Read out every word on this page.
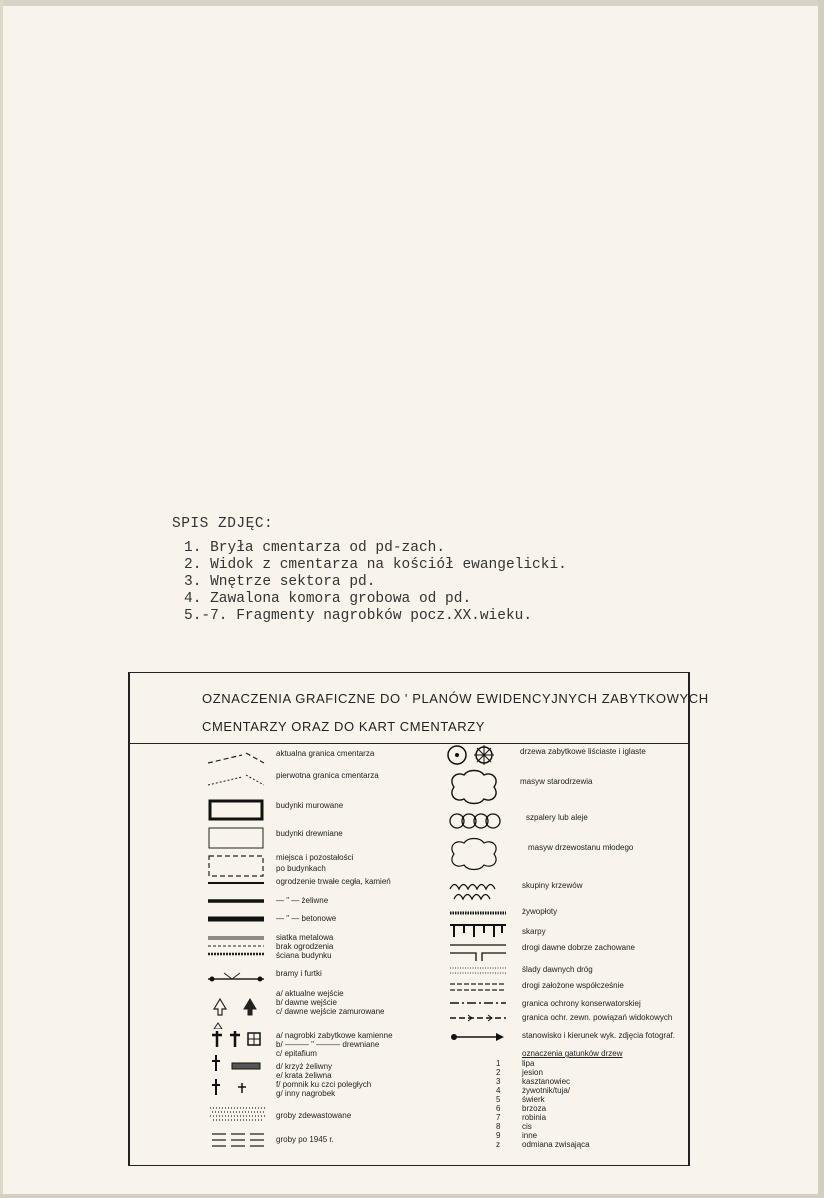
SPIS ZDJĘC:
1. Bryła cmentarza od pd-zach.
2. Widok z cmentarza na kościół ewangelicki.
3. Wnętrze sektora pd.
4. Zawalona komora grobowa od pd.
5.-7. Fragmenty nagrobków pocz.XX.wieku.
OZNACZENIA GRAFICZNE DO ' PLANÓW EWIDENCYJNYCH ZABYTKOWYCH
CMENTARZY ORAZ DO KART CMENTARZY
aktualna granica cmentarza
pierwotna granica cmentarza
budynki murowane
budynki drewniane
miejsca i pozostałości
po budynkach
ogrodzenie trwałe cegła, kamień
— " — żeliwne
— " — betonowe
siatka metalowa
brak ogrodzenia
ściana budynku
bramy i furtki
a/ aktualne wejście
b/ dawne wejście
c/ dawne wejście zamurowane
a/ nagrobki zabytkowe kamienne
b/ ——— " ——— drewniane
c/ epitafium
d/ krzyż żeliwny
e/ krata żeliwna
f/ pomnik ku czci poległych
g/ inny nagrobek
groby zdewastowane
groby po 1945 r.
drzewa zabytkowe liściaste i iglaste
masyw starodrzewia
szpalery lub aleje
masyw drzewostanu młodego
skupiny krzewów
żywopłoty
skarpy
drogi dawne dobrze zachowane
ślady dawnych dróg
drogi założone współcześnie
granica ochrony konserwatorskiej
granica ochr. zewn. powiązań widokowych
stanowisko i kierunek wyk. zdjęcia fotograf.
oznaczenia gatunków drzew
1	lipa
2	jesion
3	kasztanowiec
4	żywotnik/tuja/
5	świerk
6	brzoza
7	robinia
8	cis
9	inne
z	odmiana zwisająca
